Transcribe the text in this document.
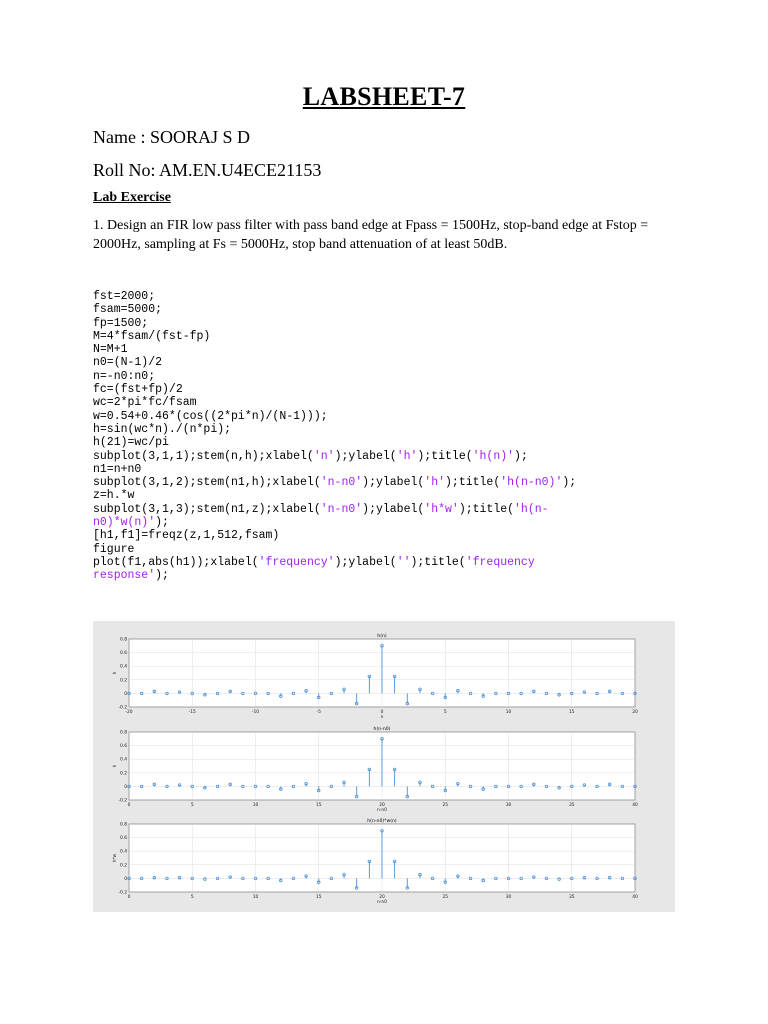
LABSHEET-7
Name : SOORAJ S D
Roll No: AM.EN.U4ECE21153
Lab Exercise
1. Design an FIR low pass filter with pass band edge at Fpass = 1500Hz, stop-band edge at Fstop = 2000Hz, sampling at Fs = 5000Hz, stop band attenuation of at least 50dB.
fst=2000;
fsam=5000;
fp=1500;
M=4*fsam/(fst-fp)
N=M+1
n0=(N-1)/2
n=-n0:n0;
fc=(fst+fp)/2
wc=2*pi*fc/fsam
w=0.54+0.46*(cos((2*pi*n)/(N-1)));
h=sin(wc*n)./(n*pi);
h(21)=wc/pi
subplot(3,1,1);stem(n,h);xlabel('n');ylabel('h');title('h(n)');
n1=n+n0
subplot(3,1,2);stem(n1,h);xlabel('n-n0');ylabel('h');title('h(n-n0)');
z=h.*w
subplot(3,1,3);stem(n1,z);xlabel('n-n0');ylabel('h*w');title('h(n-
n0)*w(n)');
[h1,f1]=freqz(z,1,512,fsam)
figure
plot(f1,abs(h1));xlabel('frequency');ylabel('');title('frequency
response');
-0.2
0
0.2
0.4
0.6
0.8
-20	-15	-10	-5	0	5	10	15	20
h(n)
n
h
-0.2
0
0.2
0.4
0.6
0.8
0	5	10	15	20	25	30	35	40
h(n-n0)
n-n0
h
-0.2
0
0.2
0.4
0.6
0.8
0	5	10	15	20	25	30	35	40
h(n-n0)*w(n)
n-n0
h*w
